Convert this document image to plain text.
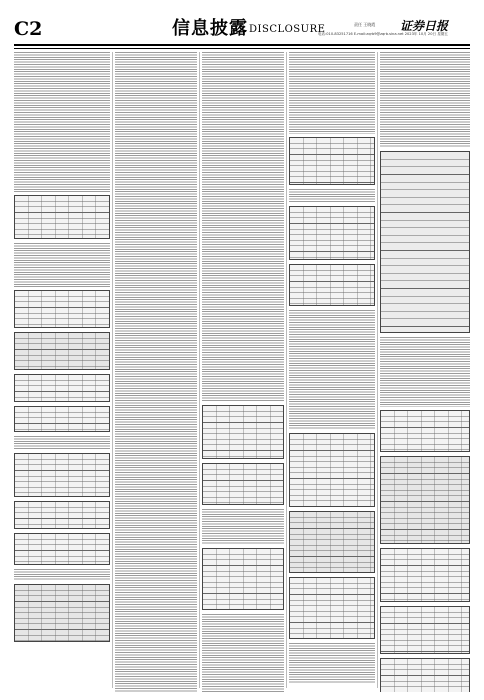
C2	信息披露 DISCLOSURE	责任 王晓霞 证券日报
电话:010-83251716 E-mail:zqrb9@zqrb.sina.net 2023年 10月 20日 星期五
